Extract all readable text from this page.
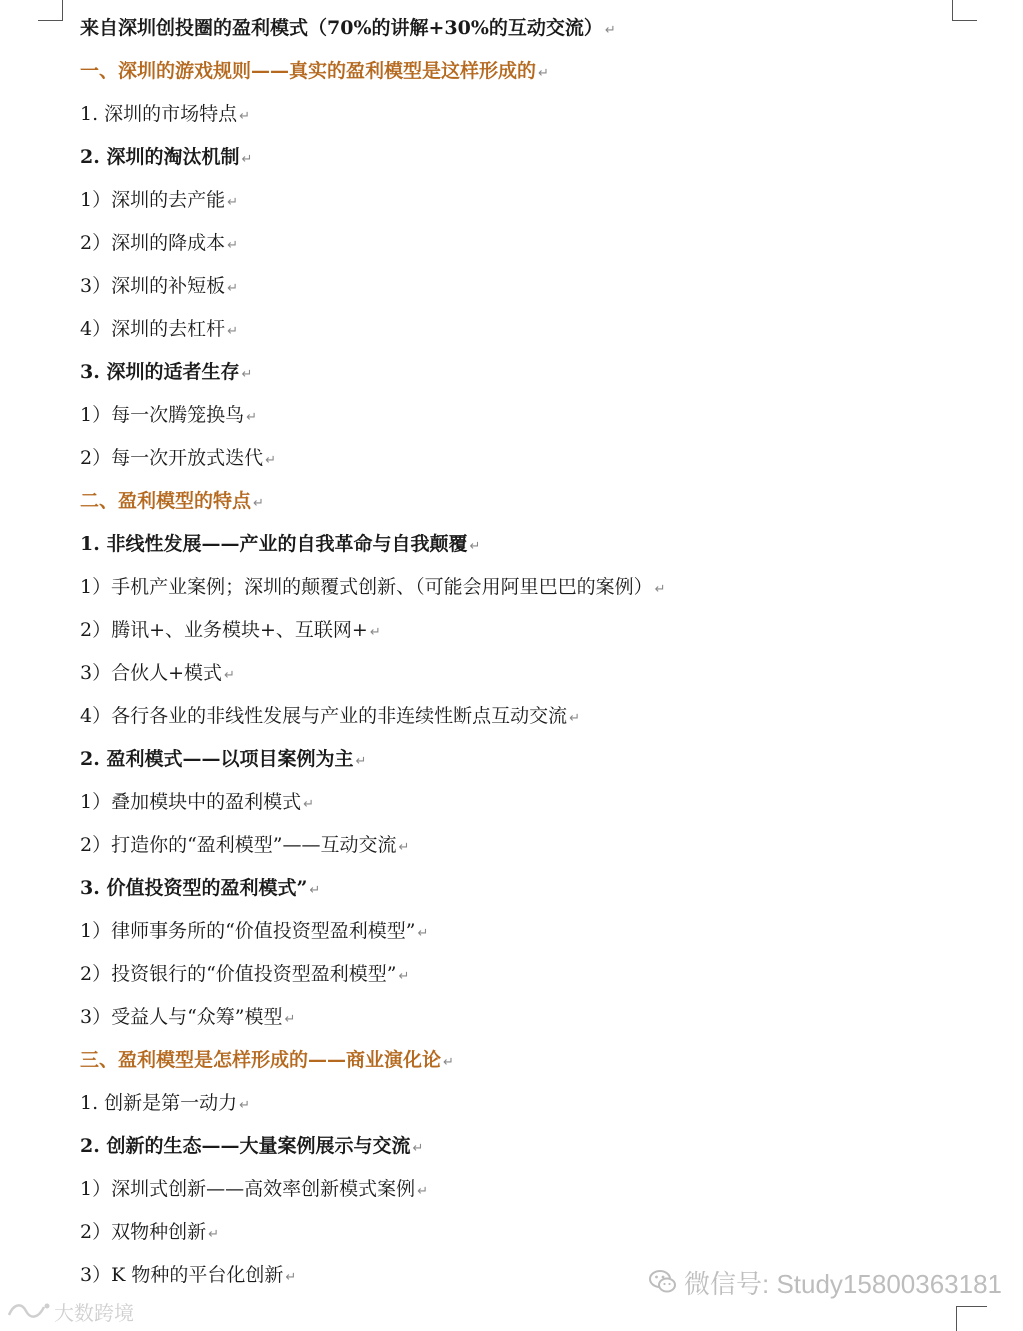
来自深圳创投圈的盈利模式（70%的讲解+30%的互动交流） ↵
一、深圳的游戏规则——真实的盈利模型是这样形成的 ↵
1. 深圳的市场特点 ↵
2. 深圳的淘汰机制 ↵
1）深圳的去产能 ↵
2）深圳的降成本 ↵
3）深圳的补短板 ↵
4）深圳的去杠杆 ↵
3. 深圳的适者生存 ↵
1）每一次腾笼换鸟 ↵
2）每一次开放式迭代 ↵
二、盈利模型的特点 ↵
1. 非线性发展——产业的自我革命与自我颠覆 ↵
1）手机产业案例；深圳的颠覆式创新、（可能会用阿里巴巴的案例） ↵
2）腾讯+、业务模块+、互联网+ ↵
3）合伙人+模式 ↵
4）各行各业的非线性发展与产业的非连续性断点互动交流 ↵
2. 盈利模式——以项目案例为主 ↵
1）叠加模块中的盈利模式 ↵
2）打造你的“盈利模型”——互动交流 ↵
3. 价值投资型的盈利模式” ↵
1）律师事务所的“价值投资型盈利模型” ↵
2）投资银行的“价值投资型盈利模型” ↵
3）受益人与“众筹”模型 ↵
三、盈利模型是怎样形成的——商业演化论 ↵
1. 创新是第一动力 ↵
2. 创新的生态——大量案例展示与交流 ↵
1）深圳式创新——高效率创新模式案例 ↵
2）双物种创新 ↵
3）K 物种的平台化创新 ↵	微信号: Study15800363181
大数跨境
